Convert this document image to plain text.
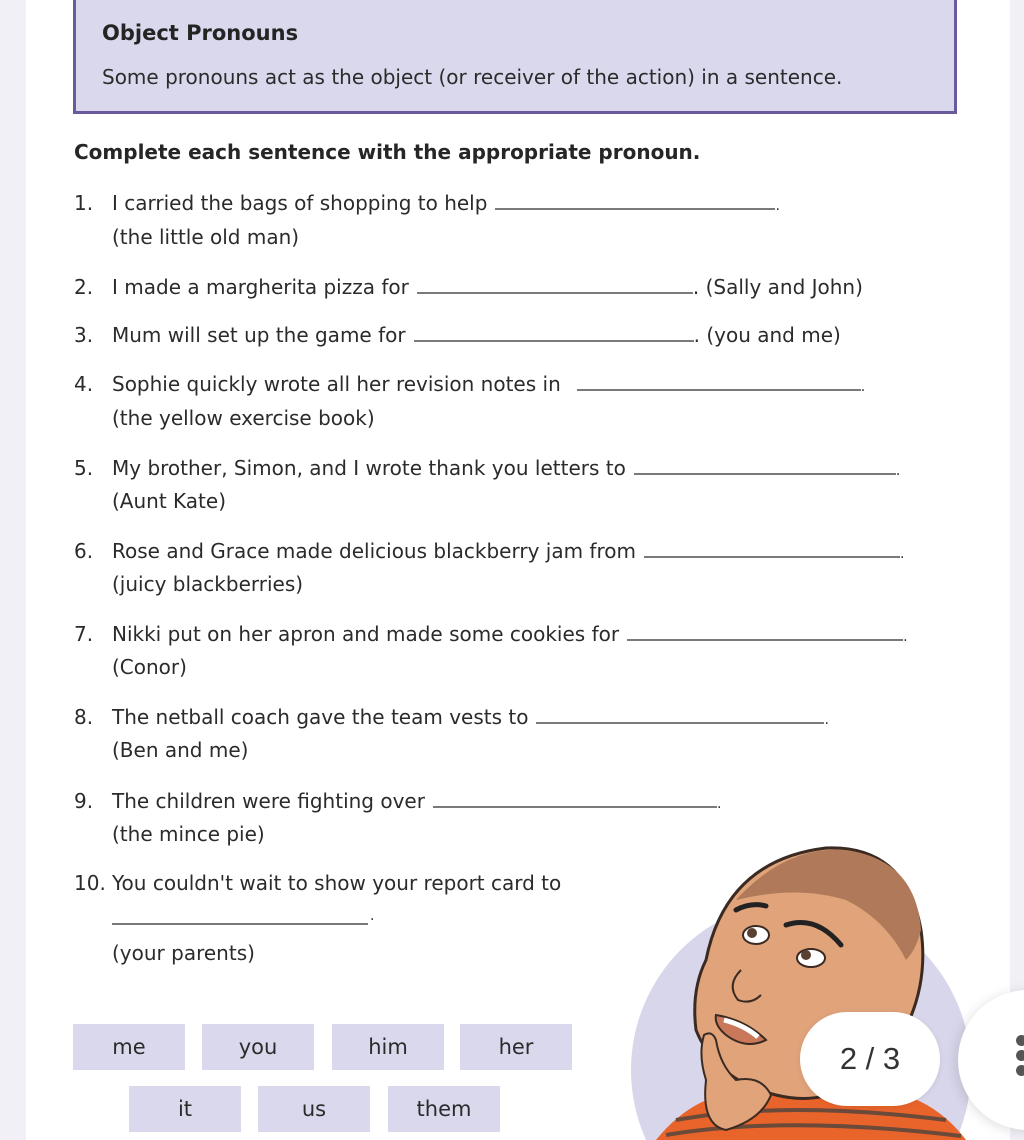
Object Pronouns
Some pronouns act as the object (or receiver of the action) in a sentence.
Complete each sentence with the appropriate pronoun.
1. I carried the bags of shopping to help	.
(the little old man)
2. I made a margherita pizza for	. (Sally and John)
3. Mum will set up the game for	. (you and me)
4. Sophie quickly wrote all her revision notes in	.
(the yellow exercise book)
5. My brother, Simon, and I wrote thank you letters to	.
(Aunt Kate)
6. Rose and Grace made delicious blackberry jam from	.
(juicy blackberries)
7. Nikki put on her apron and made some cookies for	.
(Conor)
8. The netball coach gave the team vests to	.
(Ben and me)
9. The children were fighting over	.
(the mince pie)
10. You couldn't wait to show your report card to
.
(your parents)
me	you	him	her
it	us	them
2 / 3
